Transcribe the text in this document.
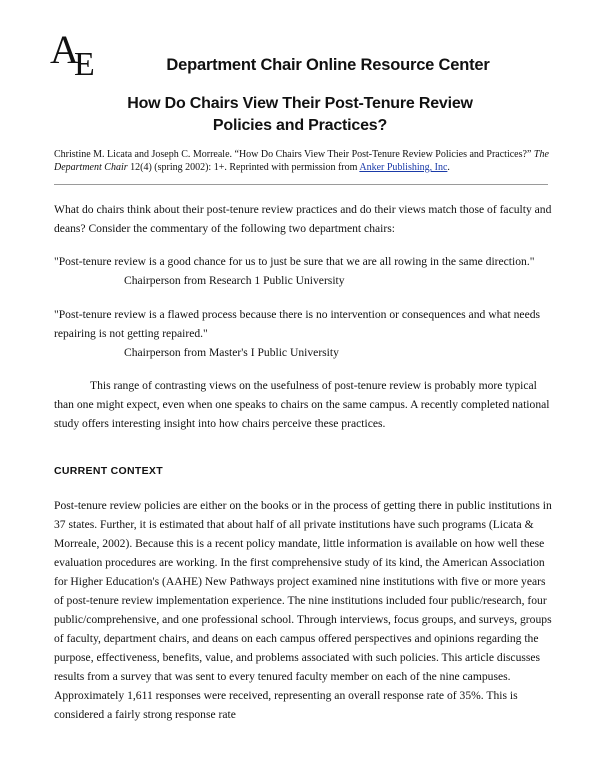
A E	Department Chair Online Resource Center
How Do Chairs View Their Post-Tenure Review
Policies and Practices?
Christine M. Licata and Joseph C. Morreale. “How Do Chairs View Their Post-Tenure Review Policies and Practices?” The Department Chair 12(4) (spring 2002): 1+. Reprinted with permission from Anker Publishing, Inc.
What do chairs think about their post-tenure review practices and do their views match those of faculty and deans? Consider the commentary of the following two department chairs:
"Post-tenure review is a good chance for us to just be sure that we are all rowing in the same direction."
Chairperson from Research 1 Public University
"Post-tenure review is a flawed process because there is no intervention or consequences and what needs repairing is not getting repaired."
Chairperson from Master's I Public University
This range of contrasting views on the usefulness of post-tenure review is probably more typical than one might expect, even when one speaks to chairs on the same campus. A recently completed national study offers interesting insight into how chairs perceive these practices.
CURRENT CONTEXT
Post-tenure review policies are either on the books or in the process of getting there in public institutions in 37 states. Further, it is estimated that about half of all private institutions have such programs (Licata & Morreale, 2002). Because this is a recent policy mandate, little information is available on how well these evaluation procedures are working. In the first comprehensive study of its kind, the American Association for Higher Education's (AAHE) New Pathways project examined nine institutions with five or more years of post-tenure review implementation experience. The nine institutions included four public/research, four public/comprehensive, and one professional school. Through interviews, focus groups, and surveys, groups of faculty, department chairs, and deans on each campus offered perspectives and opinions regarding the purpose, effectiveness, benefits, value, and problems associated with such policies. This article discusses results from a survey that was sent to every tenured faculty member on each of the nine campuses. Approximately 1,611 responses were received, representing an overall response rate of 35%. This is considered a fairly strong response rate
